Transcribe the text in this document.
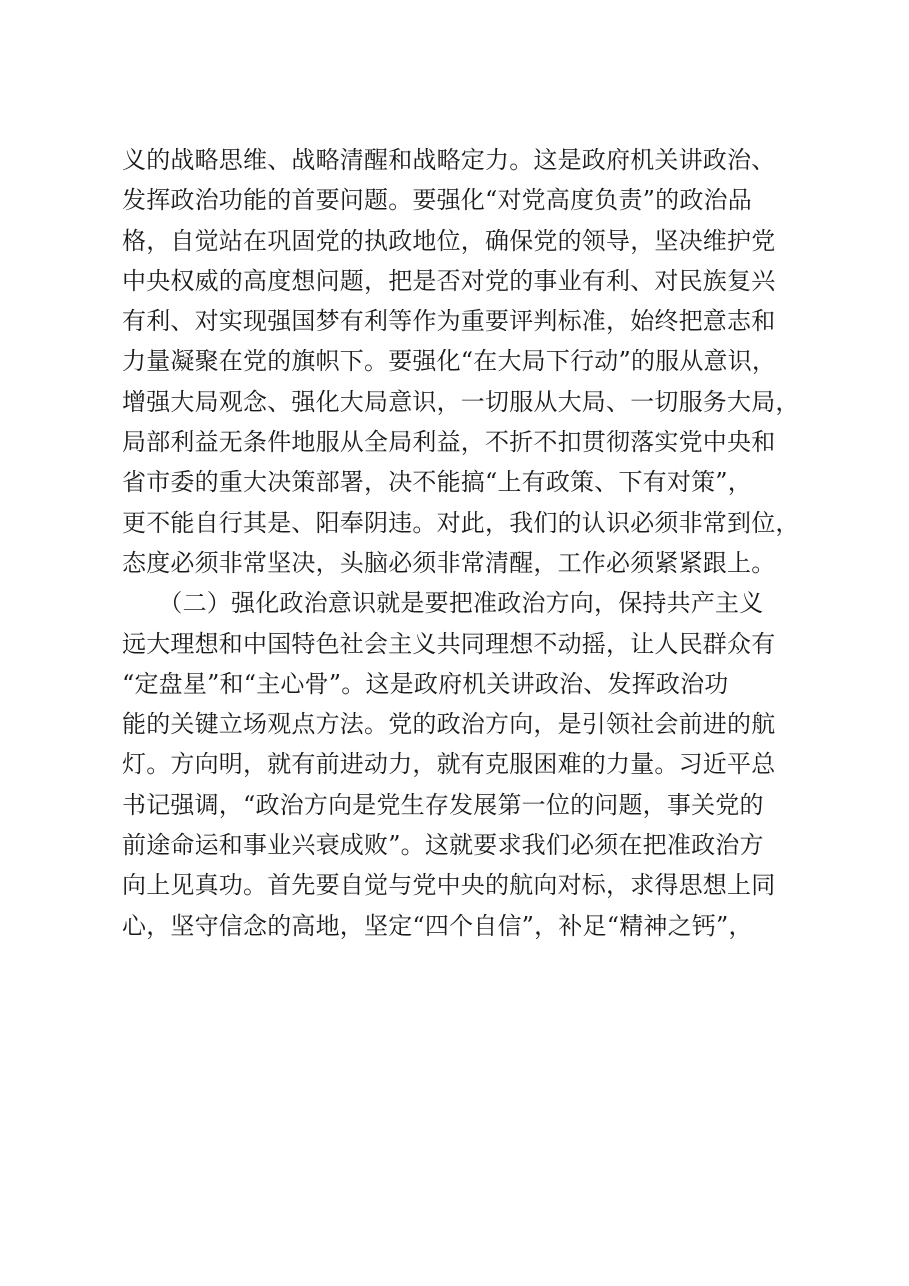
义的战略思维、战略清醒和战略定力。这是政府机关讲政治、
发挥政治功能的首要问题。要强化“对党高度负责”的政治品
格，自觉站在巩固党的执政地位，确保党的领导，坚决维护党
中央权威的高度想问题，把是否对党的事业有利、对民族复兴
有利、对实现强国梦有利等作为重要评判标准，始终把意志和
力量凝聚在党的旗帜下。要强化“在大局下行动”的服从意识，
增强大局观念、强化大局意识，一切服从大局、一切服务大局，
局部利益无条件地服从全局利益，不折不扣贯彻落实党中央和
省市委的重大决策部署，决不能搞“上有政策、下有对策”，
更不能自行其是、阳奉阴违。对此，我们的认识必须非常到位，
态度必须非常坚决，头脑必须非常清醒，工作必须紧紧跟上。
　　（二）强化政治意识就是要把准政治方向，保持共产主义
远大理想和中国特色社会主义共同理想不动摇，让人民群众有
“定盘星”和“主心骨”。这是政府机关讲政治、发挥政治功
能的关键立场观点方法。党的政治方向，是引领社会前进的航
灯。方向明，就有前进动力，就有克服困难的力量。习近平总
书记强调，“政治方向是党生存发展第一位的问题，事关党的
前途命运和事业兴衰成败”。这就要求我们必须在把准政治方
向上见真功。首先要自觉与党中央的航向对标，求得思想上同
心，坚守信念的高地，坚定“四个自信”，补足“精神之钙”，
